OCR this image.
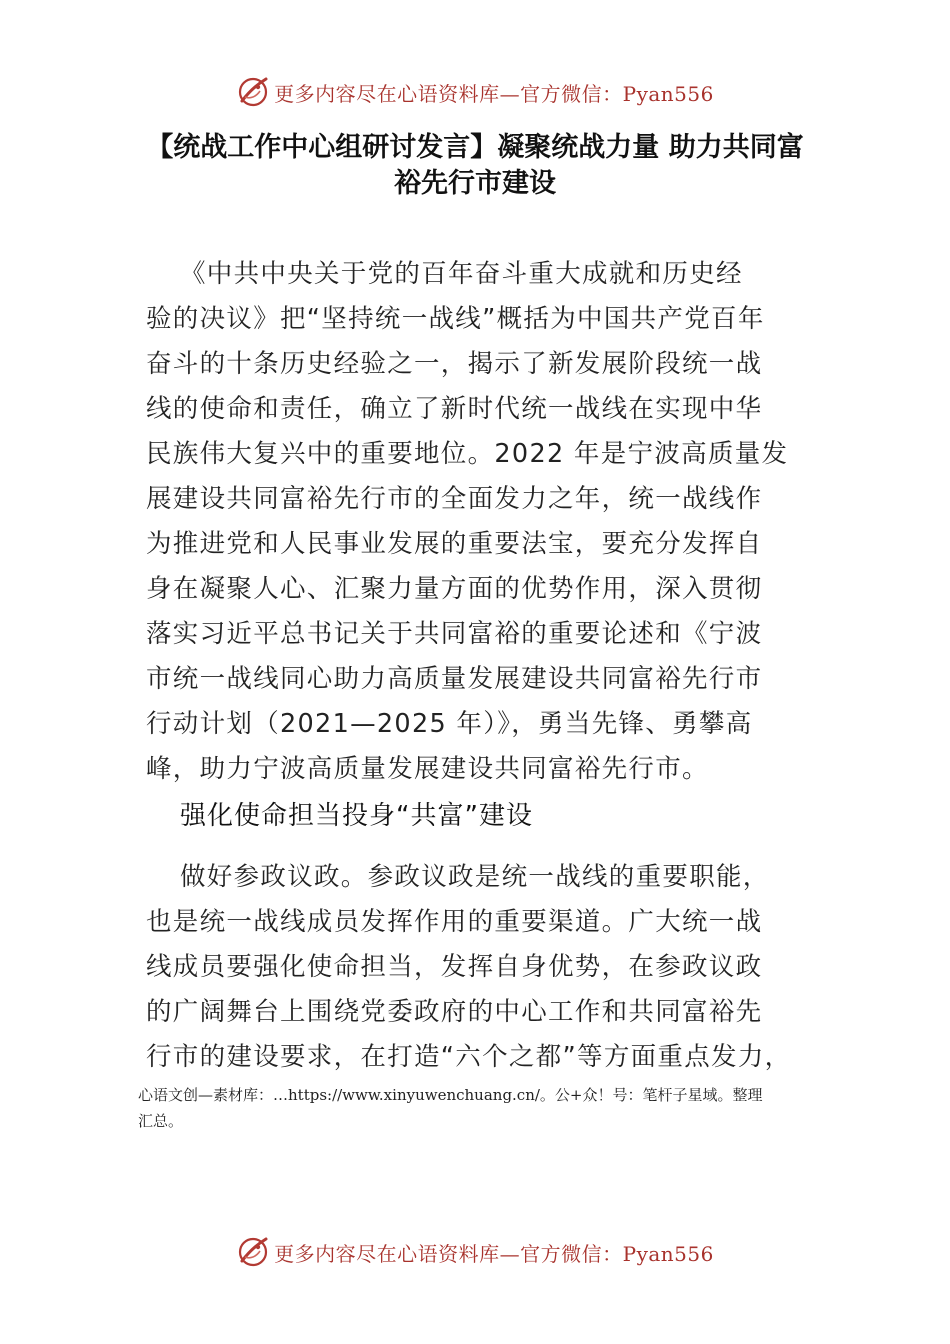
更多内容尽在心语资料库—官方微信：Pyan556
【统战工作中心组研讨发言】凝聚统战力量 助力共同富
裕先行市建设
《中共中央关于党的百年奋斗重大成就和历史经
验的决议》把“坚持统一战线”概括为中国共产党百年
奋斗的十条历史经验之一，揭示了新发展阶段统一战
线的使命和责任，确立了新时代统一战线在实现中华
民族伟大复兴中的重要地位。2022 年是宁波高质量发
展建设共同富裕先行市的全面发力之年，统一战线作
为推进党和人民事业发展的重要法宝，要充分发挥自
身在凝聚人心、汇聚力量方面的优势作用，深入贯彻
落实习近平总书记关于共同富裕的重要论述和《宁波
市统一战线同心助力高质量发展建设共同富裕先行市
行动计划（2021—2025 年）》，勇当先锋、勇攀高
峰，助力宁波高质量发展建设共同富裕先行市。
强化使命担当投身“共富”建设
做好参政议政。参政议政是统一战线的重要职能，
也是统一战线成员发挥作用的重要渠道。广大统一战
线成员要强化使命担当，发挥自身优势，在参政议政
的广阔舞台上围绕党委政府的中心工作和共同富裕先
行市的建设要求，在打造“六个之都”等方面重点发力，
心语文创—素材库：…https://www.xinyuwenchuang.cn/。公+众！号：笔杆子星域。整理
汇总。
更多内容尽在心语资料库—官方微信：Pyan556
